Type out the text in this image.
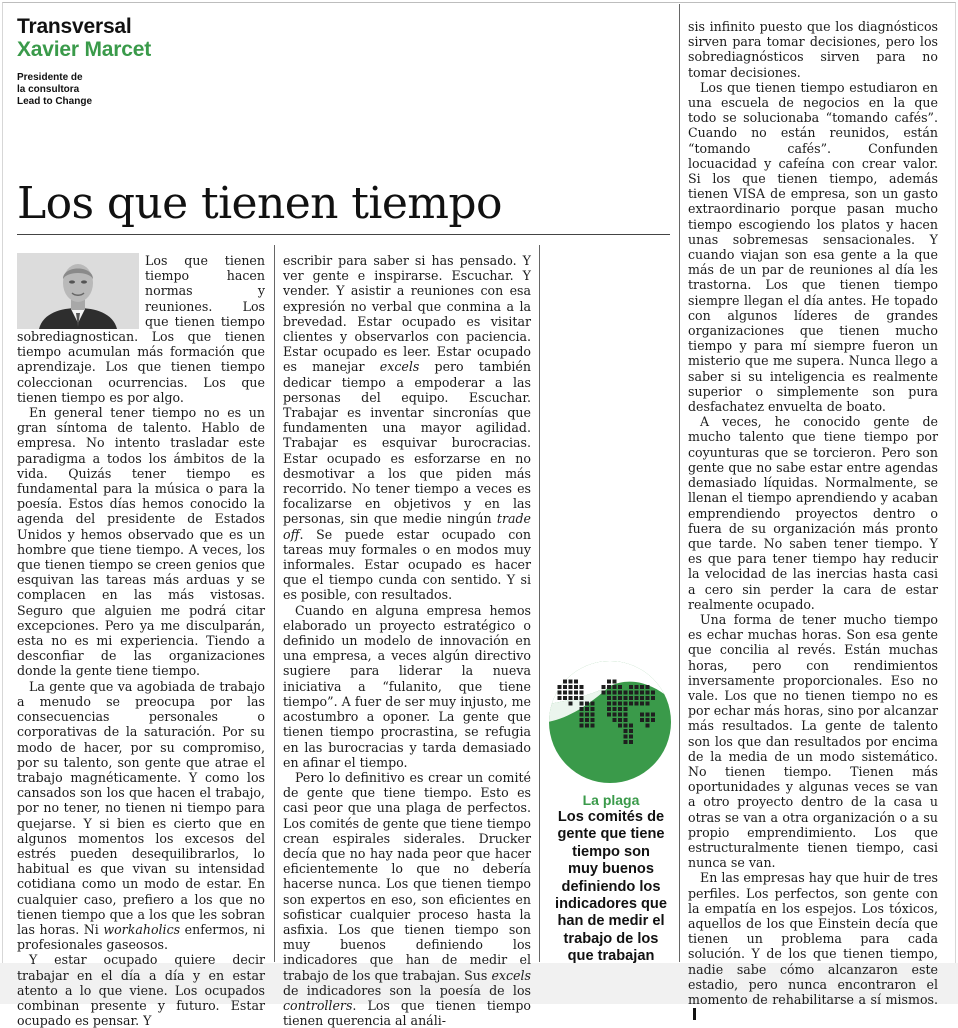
Transversal
Xavier Marcet
Presidente de
la consultora
Lead to Change
Los que tienen tiempo

Los que tienen tiempo hacen normas y reuniones. Los que tienen tiempo sobrediagnostican. Los que tienen tiempo acumulan más formación que aprendizaje. Los que tienen tiempo coleccionan ocurrencias. Los que tienen tiempo es por algo.

En general tener tiempo no es un gran síntoma de talento. Hablo de empresa. No intento trasladar este paradigma a todos los ámbitos de la vida. Quizás tener tiempo es fundamental para la música o para la poesía. Estos días hemos conocido la agenda del presidente de Estados Unidos y hemos observado que es un hombre que tiene tiempo. A veces, los que tienen tiempo se creen genios que esquivan las tareas más arduas y se complacen en las más vistosas. Seguro que alguien me podrá citar excepciones. Pero ya me disculparán, esta no es mi experiencia. Tiendo a desconfiar de las organizaciones donde la gente tiene tiempo.

La gente que va agobiada de trabajo a menudo se preocupa por las consecuencias personales o corporativas de la saturación. Por su modo de hacer, por su compromiso, por su talento, son gente que atrae el trabajo magnéticamente. Y como los cansados son los que hacen el trabajo, por no tener, no tienen ni tiempo para quejarse. Y si bien es cierto que en algunos momentos los excesos del estrés pueden desequilibrarlos, lo habitual es que vivan su intensidad cotidiana como un modo de estar. En cualquier caso, prefiero a los que no tienen tiempo que a los que les sobran las horas. Ni workaholics enfermos, ni profesionales gaseosos.

Y estar ocupado quiere decir trabajar en el día a día y en estar atento a lo que viene. Los ocupados combinan presente y futuro. Estar ocupado es pensar. Y

escribir para saber si has pensado. Y ver gente e inspirarse. Escuchar. Y vender. Y asistir a reuniones con esa expresión no verbal que conmina a la brevedad. Estar ocupado es visitar clientes y observarlos con paciencia. Estar ocupado es leer. Estar ocupado es manejar excels pero también dedicar tiempo a empoderar a las personas del equipo. Escuchar. Trabajar es inventar sincronías que fundamenten una mayor agilidad. Trabajar es esquivar burocracias. Estar ocupado es esforzarse en no desmotivar a los que piden más recorrido. No tener tiempo a veces es focalizarse en objetivos y en las personas, sin que medie ningún trade off. Se puede estar ocupado con tareas muy formales o en modos muy informales. Estar ocupado es hacer que el tiempo cunda con sentido. Y si es posible, con resultados.

Cuando en alguna empresa hemos elaborado un proyecto estratégico o definido un modelo de innovación en una empresa, a veces algún directivo sugiere para liderar la nueva iniciativa a “fulanito, que tiene tiempo”. A fuer de ser muy injusto, me acostumbro a oponer. La gente que tienen tiempo procrastina, se refugia en las burocracias y tarda demasiado en afinar el tiempo.

Pero lo definitivo es crear un comité de gente que tiene tiempo. Esto es casi peor que una plaga de perfectos. Los comités de gente que tiene tiempo crean espirales siderales. Drucker decía que no hay nada peor que hacer eficientemente lo que no debería hacerse nunca. Los que tienen tiempo son expertos en eso, son eficientes en sofisticar cualquier proceso hasta la asfixia. Los que tienen tiempo son muy buenos definiendo los indicadores que han de medir el trabajo de los que trabajan. Sus excels de indicadores son la poesía de los controllers. Los que tienen tiempo tienen querencia al análi-

sis infinito puesto que los diagnósticos sirven para tomar decisiones, pero los sobrediagnósticos sirven para no tomar decisiones.

Los que tienen tiempo estudiaron en una escuela de negocios en la que todo se solucionaba “tomando cafés”. Cuando no están reunidos, están “tomando cafés”. Confunden locuacidad y cafeína con crear valor. Si los que tienen tiempo, además tienen VISA de empresa, son un gasto extraordinario porque pasan mucho tiempo escogiendo los platos y hacen unas sobremesas sensacionales. Y cuando viajan son esa gente a la que más de un par de reuniones al día les trastorna. Los que tienen tiempo siempre llegan el día antes. He topado con algunos líderes de grandes organizaciones que tienen mucho tiempo y para mí siempre fueron un misterio que me supera. Nunca llego a saber si su inteligencia es realmente superior o simplemente son pura desfachatez envuelta de boato.

A veces, he conocido gente de mucho talento que tiene tiempo por coyunturas que se torcieron. Pero son gente que no sabe estar entre agendas demasiado líquidas. Normalmente, se llenan el tiempo aprendiendo y acaban emprendiendo proyectos dentro o fuera de su organización más pronto que tarde. No saben tener tiempo. Y es que para tener tiempo hay reducir la velocidad de las inercias hasta casi a cero sin perder la cara de estar realmente ocupado.

Una forma de tener mucho tiempo es echar muchas horas. Son esa gente que concilia al revés. Están muchas horas, pero con rendimientos inversamente proporcionales. Eso no vale. Los que no tienen tiempo no es por echar más horas, sino por alcanzar más resultados. La gente de talento son los que dan resultados por encima de la media de un modo sistemático. No tienen tiempo. Tienen más oportunidades y algunas veces se van a otro proyecto dentro de la casa u otras se van a otra organización o a su propio emprendimiento. Los que estructuralmente tienen tiempo, casi nunca se van.

En las empresas hay que huir de tres perfiles. Los perfectos, son gente con la empatía en los espejos. Los tóxicos, aquellos de los que Einstein decía que tienen un problema para cada solución. Y de los que tienen tiempo, nadie sabe cómo alcanzaron este estadio, pero nunca encontraron el momento de rehabilitarse a sí mismos.

La plaga
Los comités de
gente que tiene
tiempo son
muy buenos
definiendo los
indicadores que
han de medir el
trabajo de los
que trabajan
